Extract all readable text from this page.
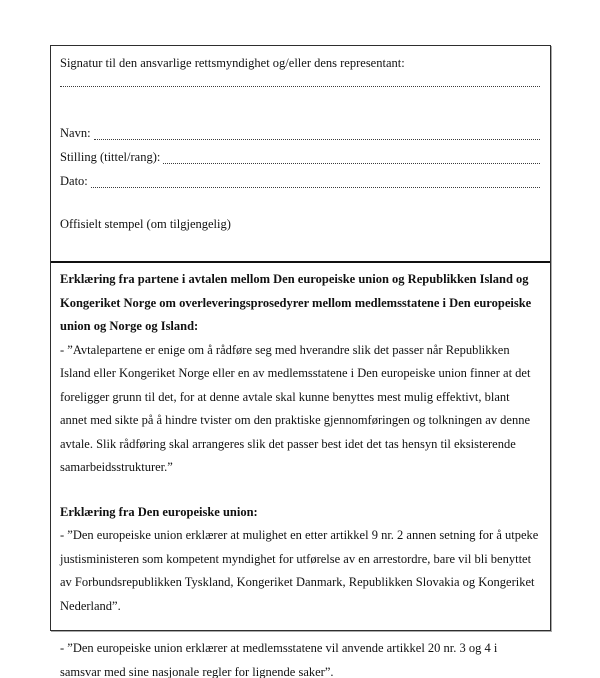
Signatur til den ansvarlige rettsmyndighet og/eller dens representant:
Navn:
Stilling (tittel/rang):
Dato:
Offisielt stempel (om tilgjengelig)
Erklæring fra partene i avtalen mellom Den europeiske union og Republikken Island og Kongeriket Norge om overleveringsprosedyrer mellom medlemsstatene i Den europeiske union og Norge og Island:
- ”Avtalepartene er enige om å rådføre seg med hverandre slik det passer når Republikken Island eller Kongeriket Norge eller en av medlemsstatene i Den europeiske union finner at det foreligger grunn til det, for at denne avtale skal kunne benyttes mest mulig effektivt, blant annet med sikte på å hindre tvister om den praktiske gjennomføringen og tolkningen av denne avtale. Slik rådføring skal arrangeres slik det passer best idet det tas hensyn til eksisterende samarbeidsstrukturer.”
Erklæring fra Den europeiske union:
- ”Den europeiske union erklærer at mulighet en etter artikkel 9 nr. 2 annen setning for å utpeke justisministeren som kompetent myndighet for utførelse av en arrestordre, bare vil bli benyttet av Forbundsrepublikken Tyskland, Kongeriket Danmark, Republikken Slovakia og Kongeriket Nederland”.
- ”Den europeiske union erklærer at medlemsstatene vil anvende artikkel 20 nr. 3 og 4 i samsvar med sine nasjonale regler for lignende saker”.
